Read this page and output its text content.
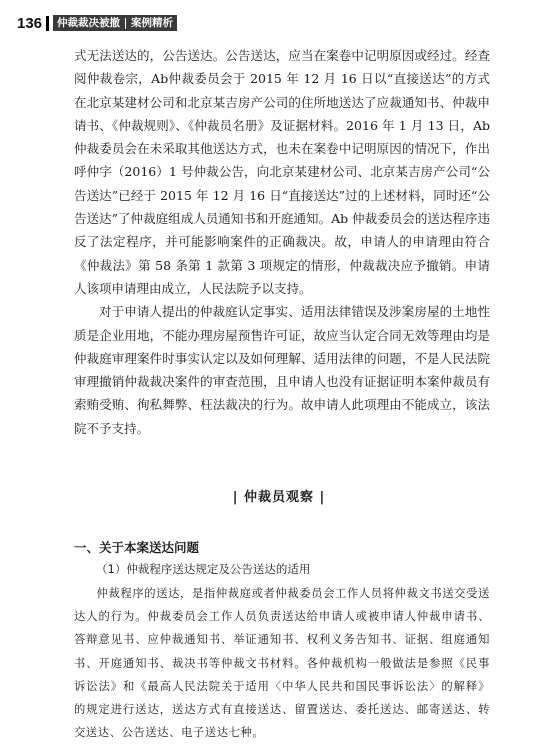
136 仲裁裁决被撤 案例精析

式无法送达的，公告送达。公告送达，应当在案卷中记明原因或经过。经查阅仲裁卷宗，Ab仲裁委员会于 2015 年 12 月 16 日以“直接送达”的方式在北京某建材公司和北京某吉房产公司的住所地送达了应裁通知书、仲裁申请书、《仲裁规则》、《仲裁员名册》及证据材料。2016 年 1 月 13 日，Ab仲裁委员会在未采取其他送达方式，也未在案卷中记明原因的情况下，作出呼仲字（2016）1 号仲裁公告，向北京某建材公司、北京某吉房产公司“公告送达”已经于 2015 年 12 月 16 日“直接送达”过的上述材料，同时还“公告送达”了仲裁庭组成人员通知书和开庭通知。Ab 仲裁委员会的送达程序违反了法定程序，并可能影响案件的正确裁决。故，申请人的申请理由符合《仲裁法》第 58 条第 1 款第 3 项规定的情形，仲裁裁决应予撤销。申请人该项申请理由成立，人民法院予以支持。

对于申请人提出的仲裁庭认定事实、适用法律错误及涉案房屋的土地性质是企业用地，不能办理房屋预售许可证，故应当认定合同无效等理由均是仲裁庭审理案件时事实认定以及如何理解、适用法律的问题，不是人民法院审理撤销仲裁裁决案件的审查范围，且申请人也没有证据证明本案仲裁员有索贿受贿、徇私舞弊、枉法裁决的行为。故申请人此项理由不能成立，该法院不予支持。

| 仲裁员观察 |
一、关于本案送达问题
（1）仲裁程序送达规定及公告送达的适用

仲裁程序的送达，是指仲裁庭或者仲裁委员会工作人员将仲裁文书送交受送达人的行为。仲裁委员会工作人员负责送达给申请人或被申请人仲裁申请书、答辩意见书、应仲裁通知书、举证通知书、权利义务告知书、证据、组庭通知书、开庭通知书、裁决书等仲裁文书材料。各仲裁机构一般做法是参照《民事诉讼法》和《最高人民法院关于适用〈中华人民共和国民事诉讼法〉的解释》的规定进行送达，送达方式有直接送达、留置送达、委托送达、邮寄送达、转交送达、公告送达、电子送达七种。
